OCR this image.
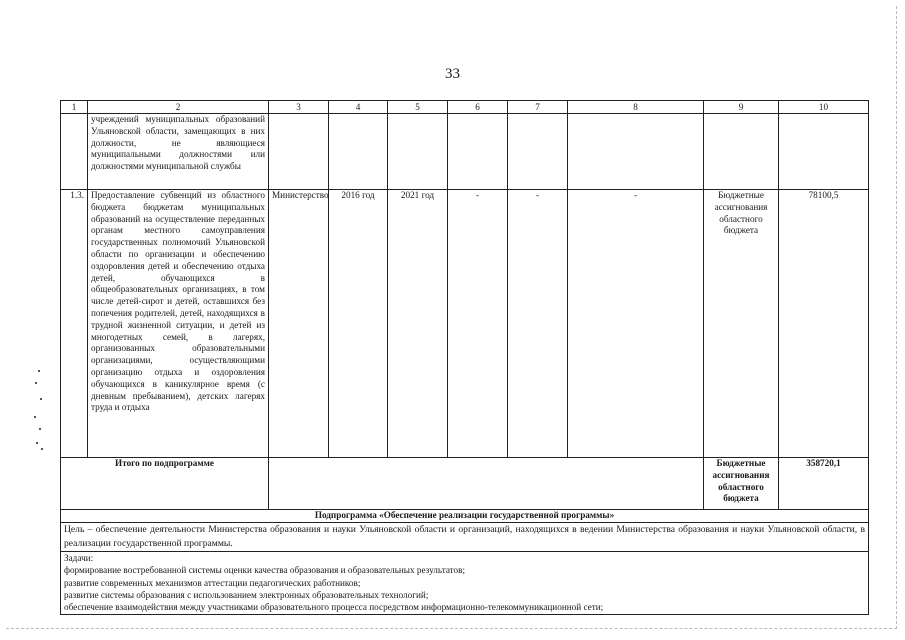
33
1	2	3	4	5	6	7	8	9	10
	учреждений муниципальных образований Ульяновской области, замещающих в них должности, не являющиеся муниципальными должностями или должностями муниципальной службы								
1.3.	Предоставление субвенций из областного бюджета бюджетам муниципальных образований на осуществление переданных органам местного самоуправления государственных полномочий Ульяновской области по организации и обеспечению оздоровления детей и обеспечению отдыха детей, обучающихся в общеобразовательных организациях, в том числе детей-сирот и детей, оставшихся без попечения родителей, детей, находящихся в трудной жизненной ситуации, и детей из многодетных семей, в лагерях, организованных образовательными организациями, осуществляющими организацию отдыха и оздоровления обучающихся в каникулярное время (с дневным пребыванием), детских лагерях труда и отдыха	Министерство	2016 год	2021 год	-	-	-	Бюджетные ассигнования областного бюджета	78100,5
Итого по подпрограмме								Бюджетные ассигнования областного бюджета	358720,1
Подпрограмма «Обеспечение реализации государственной программы»									
Цель – обеспечение деятельности Министерства образования и науки Ульяновской области и организаций, находящихся в ведении Министерства образования и науки Ульяновской области, в реализации государственной программы.									

Задачи:
формирование востребованной системы оценки качества образования и образовательных результатов;
развитие современных механизмов аттестации педагогических работников;
развитие системы образования с использованием электронных образовательных технологий;
обеспечение взаимодействия между участниками образовательного процесса посредством информационно-телекоммуникационной сети;									
